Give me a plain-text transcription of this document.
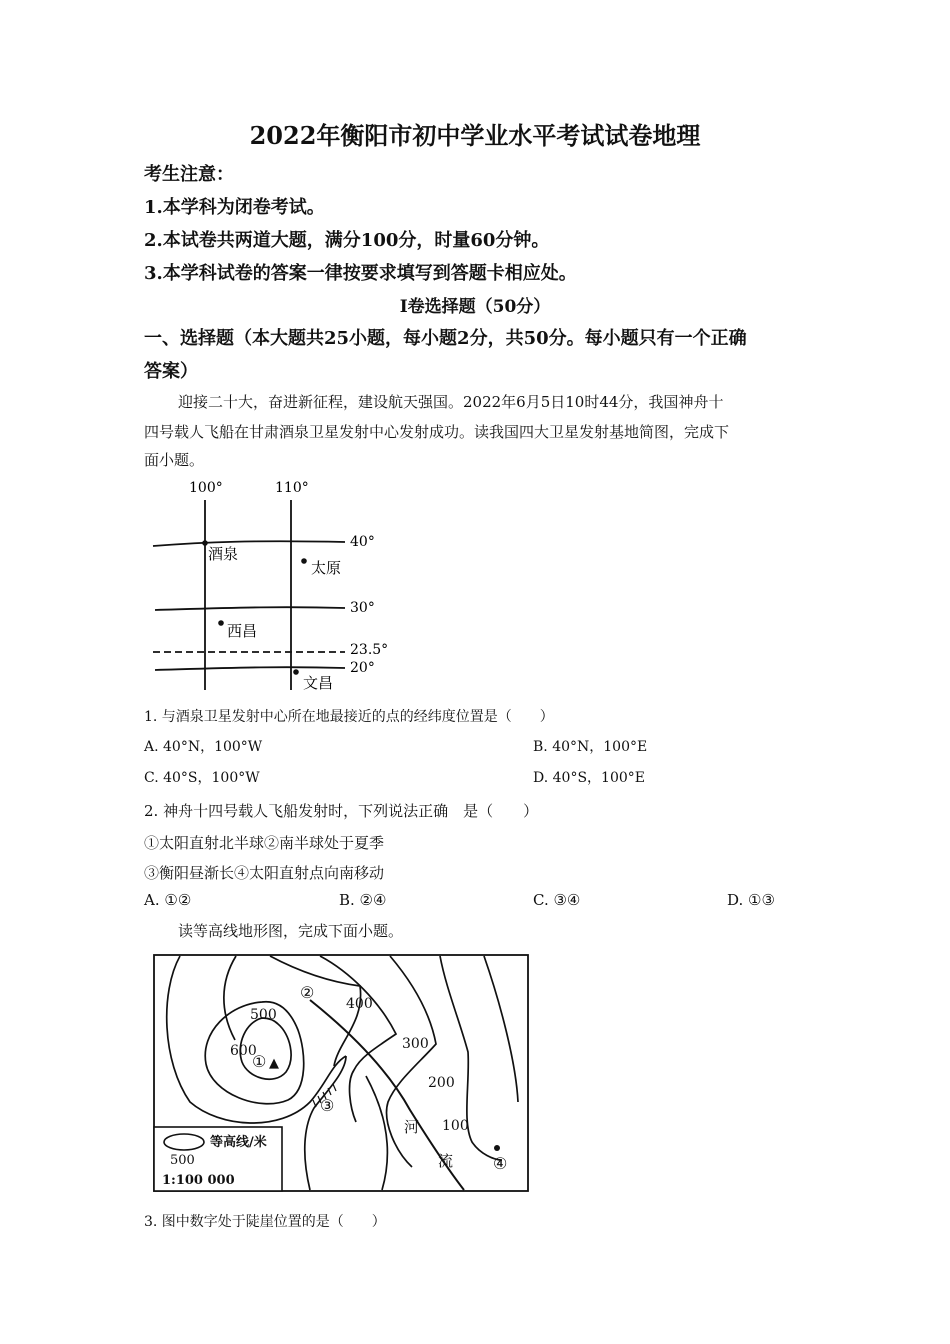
2022年衡阳市初中学业水平考试试卷地理
考生注意：
1.本学科为闭卷考试。
2.本试卷共两道大题，满分100分，时量60分钟。
3.本学科试卷的答案一律按要求填写到答题卡相应处。
Ⅰ卷选择题（50分）
一、选择题（本大题共25小题，每小题2分，共50分。每小题只有一个正确
答案）
迎接二十大，奋进新征程，建设航天强国。2022年6月5日10时44分，我国神舟十
四号载人飞船在甘肃酒泉卫星发射中心发射成功。读我国四大卫星发射基地简图，完成下
面小题。
100°	110°
40°
30°
23.5°
20°
酒泉
太原
西昌
文昌
1. 与酒泉卫星发射中心所在地最接近的点的经纬度位置是（　　）
A. 40°N，100°W	B. 40°N，100°E
C. 40°S，100°W	D. 40°S，100°E
2. 神舟十四号载人飞船发射时，下列说法正确　是（　　）
①太阳直射北半球②南半球处于夏季
③衡阳昼渐长④太阳直射点向南移动
A. ①②	B. ②④	C. ③④	D. ①③
读等高线地形图，完成下面小题。
500
600
400
300
200
100
① ▲
②
③
④
河
流
500
等高线/米
1:100 000
3. 图中数字处于陡崖位置的是（　　）
